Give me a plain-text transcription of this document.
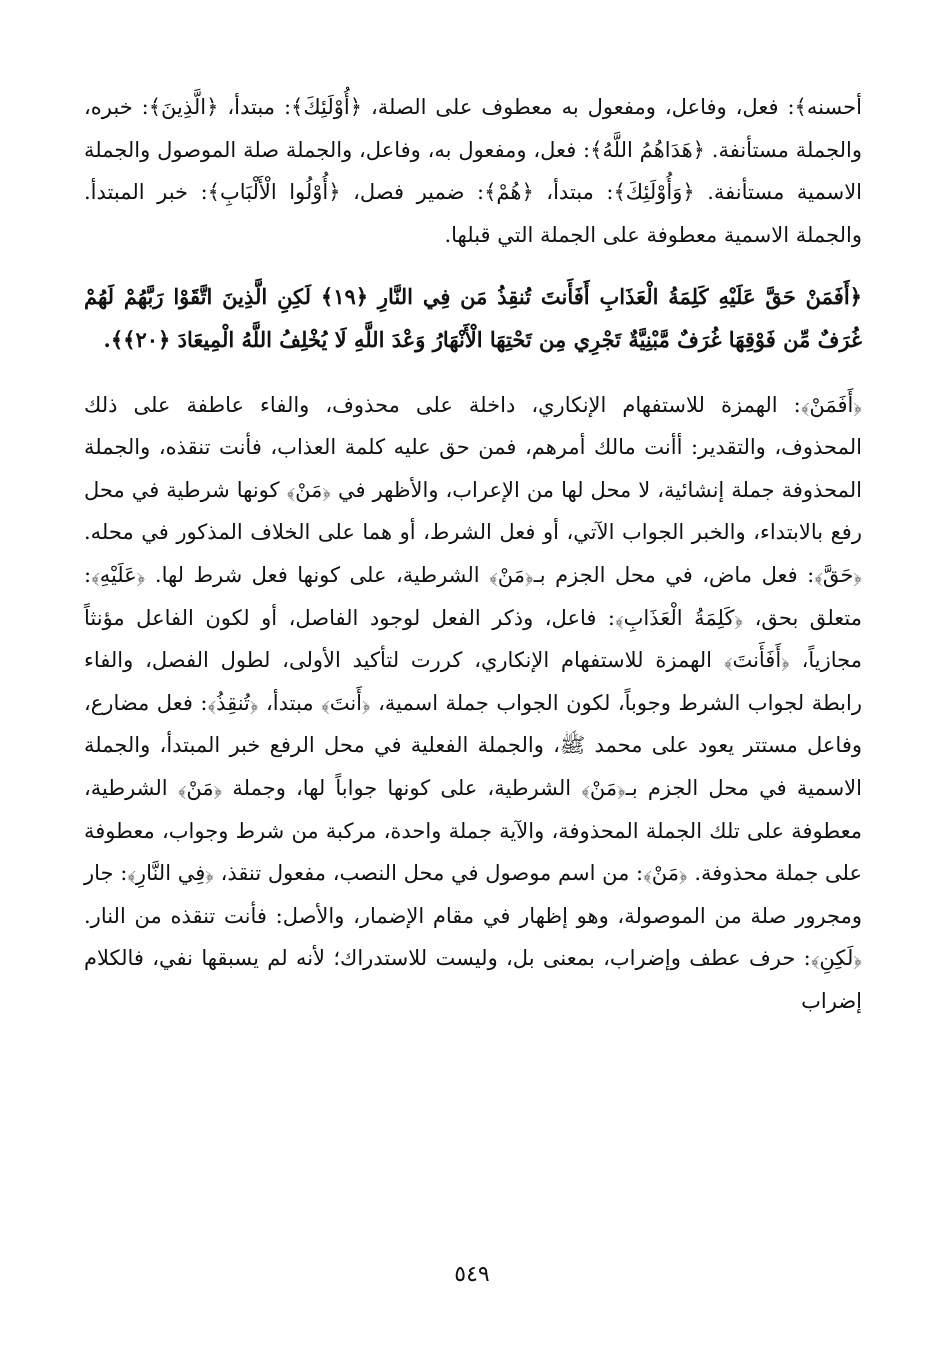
أحسنه﴾: فعل، وفاعل، ومفعول به معطوف على الصلة، ﴿أُوْلَئِكَ﴾: مبتدأ، ﴿الَّذِينَ﴾: خبره، والجملة مستأنفة. ﴿هَدَاهُمُ اللَّهُ﴾: فعل، ومفعول به، وفاعل، والجملة صلة الموصول والجملة الاسمية مستأنفة. ﴿وَأُوْلَئِكَ﴾: مبتدأ، ﴿هُمْ﴾: ضمير فصل، ﴿أُوْلُوا الْأَلْبَابِ﴾: خبر المبتدأ. والجملة الاسمية معطوفة على الجملة التي قبلها.

﴿أَفَمَنْ حَقَّ عَلَيْهِ كَلِمَةُ الْعَذَابِ أَفَأَنتَ تُنقِذُ مَن فِي النَّارِ ﴿١٩﴾ لَكِنِ الَّذِينَ اتَّقَوْا رَبَّهُمْ لَهُمْ غُرَفٌ مِّن فَوْقِهَا غُرَفٌ مَّبْنِيَّةٌ تَجْرِي مِن تَحْتِهَا الْأَنْهَارُ وَعْدَ اللَّهِ لَا يُخْلِفُ اللَّهُ الْمِيعَادَ ﴿٢٠﴾﴾.

﴿أَفَمَنْ﴾: الهمزة للاستفهام الإنكاري، داخلة على محذوف، والفاء عاطفة على ذلك المحذوف، والتقدير: أأنت مالك أمرهم، فمن حق عليه كلمة العذاب، فأنت تنقذه، والجملة المحذوفة جملة إنشائية، لا محل لها من الإعراب، والأظهر في ﴿مَنْ﴾ كونها شرطية في محل رفع بالابتداء، والخبر الجواب الآتي، أو فعل الشرط، أو هما على الخلاف المذكور في محله. ﴿حَقَّ﴾: فعل ماض، في محل الجزم بـ﴿مَنْ﴾ الشرطية، على كونها فعل شرط لها. ﴿عَلَيْهِ﴾: متعلق بحق، ﴿كَلِمَةُ الْعَذَابِ﴾: فاعل، وذكر الفعل لوجود الفاصل، أو لكون الفاعل مؤنثاً مجازياً، ﴿أَفَأَنتَ﴾ الهمزة للاستفهام الإنكاري، كررت لتأكيد الأولى، لطول الفصل، والفاء رابطة لجواب الشرط وجوباً، لكون الجواب جملة اسمية، ﴿أَنتَ﴾ مبتدأ، ﴿تُنقِذُ﴾: فعل مضارع، وفاعل مستتر يعود على محمد ﷺ، والجملة الفعلية في محل الرفع خبر المبتدأ، والجملة الاسمية في محل الجزم بـ﴿مَنْ﴾ الشرطية، على كونها جواباً لها، وجملة ﴿مَنْ﴾ الشرطية، معطوفة على تلك الجملة المحذوفة، والآية جملة واحدة، مركبة من شرط وجواب، معطوفة على جملة محذوفة. ﴿مَنْ﴾: من اسم موصول في محل النصب، مفعول تنقذ، ﴿فِي النَّارِ﴾: جار ومجرور صلة من الموصولة، وهو إظهار في مقام الإضمار، والأصل: فأنت تنقذه من النار. ﴿لَكِنِ﴾: حرف عطف وإضراب، بمعنى بل، وليست للاستدراك؛ لأنه لم يسبقها نفي، فالكلام إضراب

٥٤٩
